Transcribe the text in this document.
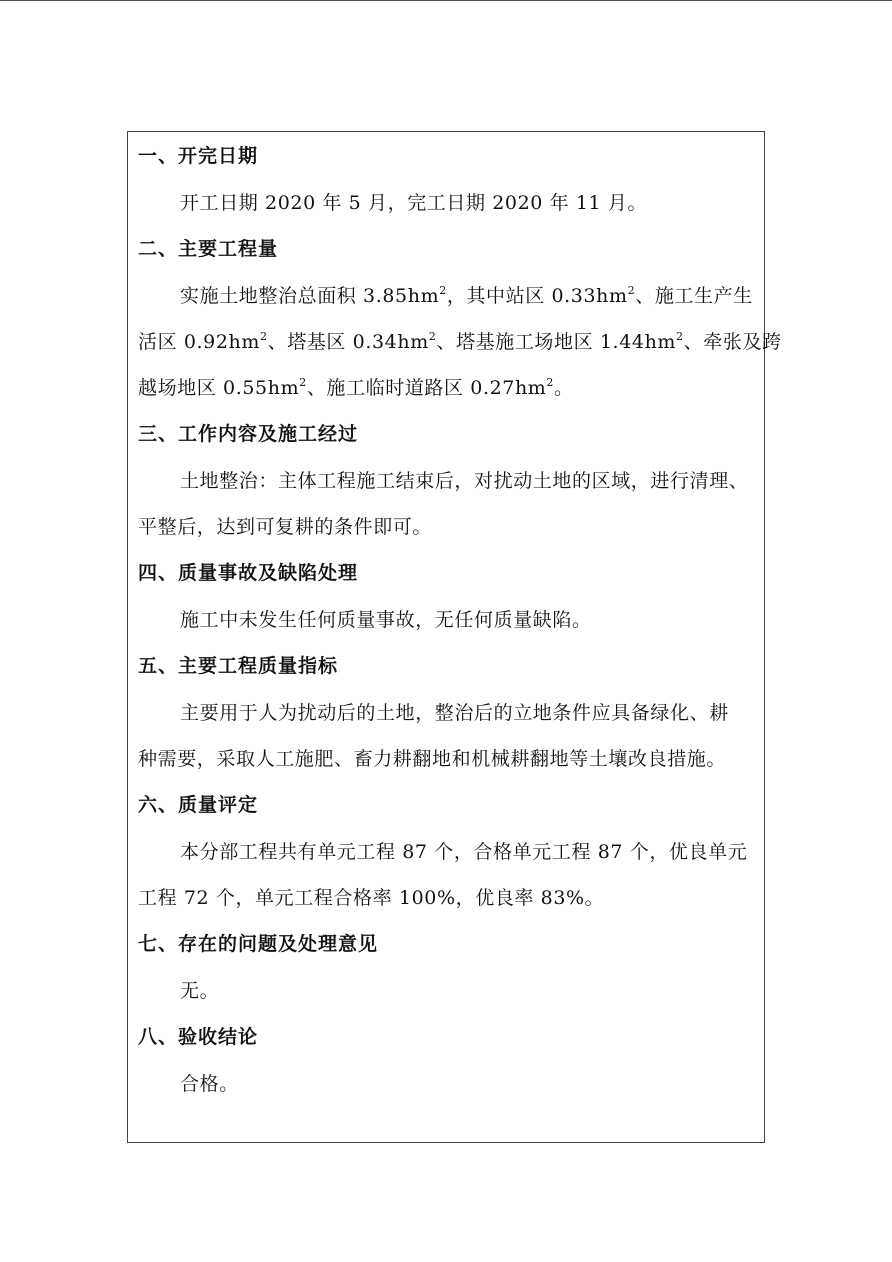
一、开完日期

开工日期 2020 年 5 月，完工日期 2020 年 11 月。

二、主要工程量

实施土地整治总面积 $3.85hm^2$，其中站区 $0.33hm^2$、施工生产生
活区 $0.92hm^2$、塔基区 $0.34hm^2$、塔基施工场地区 $1.44hm^2$、牵张及跨
越场地区 $0.55hm^2$、施工临时道路区 $0.27hm^2$。

三、工作内容及施工经过

土地整治：主体工程施工结束后，对扰动土地的区域，进行清理、
平整后，达到可复耕的条件即可。

四、质量事故及缺陷处理

施工中未发生任何质量事故，无任何质量缺陷。

五、主要工程质量指标

主要用于人为扰动后的土地，整治后的立地条件应具备绿化、耕
种需要，采取人工施肥、畜力耕翻地和机械耕翻地等土壤改良措施。

六、质量评定

本分部工程共有单元工程 87 个，合格单元工程 87 个，优良单元
工程 72 个，单元工程合格率 100%，优良率 83%。

七、存在的问题及处理意见

无。

八、验收结论

合格。
